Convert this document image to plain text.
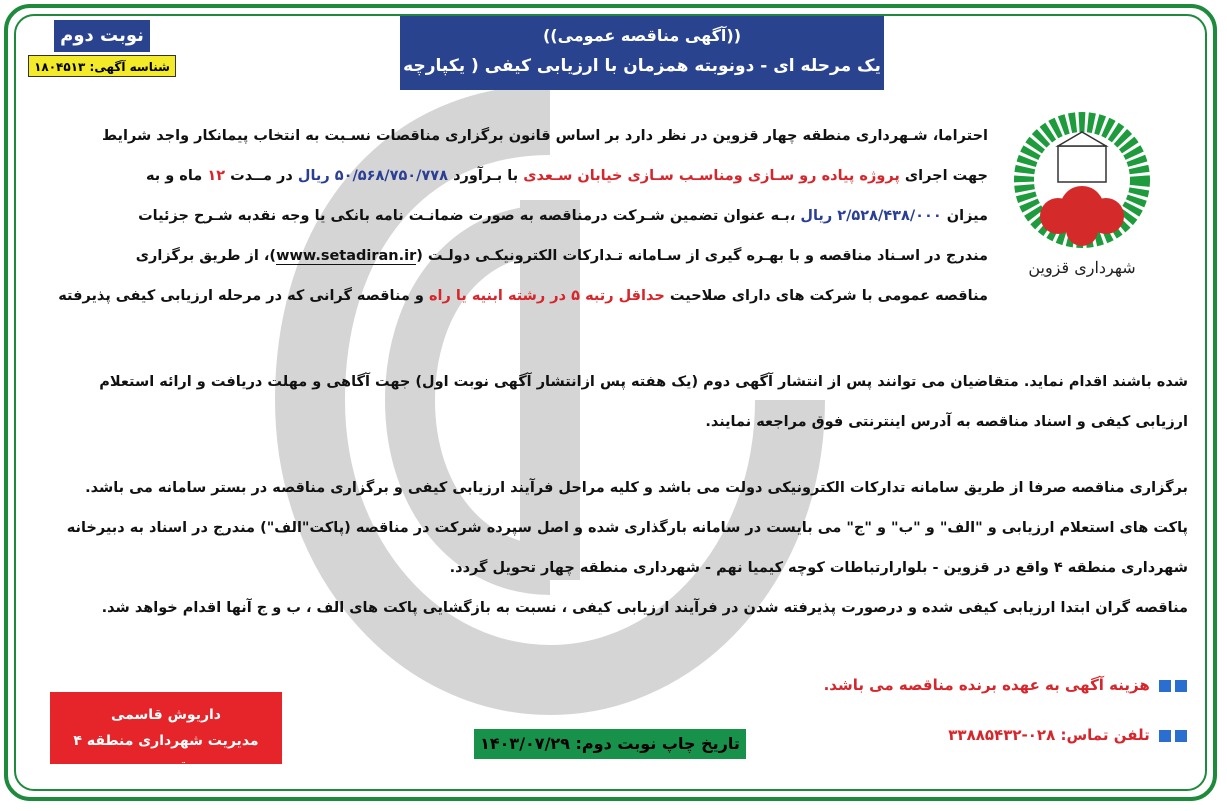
((آگهی مناقصه عمومی))
یک مرحله ای - دونوبته همزمان با ارزیابی کیفی ( یکپارچه )
نوبت دوم
شناسه آگهی: ۱۸۰۴۵۱۳
شهرداری قزوین
احتراما، شـهرداری منطقه چهار قزوین در نظر دارد بر اساس قانون برگزاری مناقصات نسـبت به انتخاب پیمانکار واجد شرایط
جهت اجرای پروژه پیاده رو سـازی ومناسـب سـازی خیابان سـعدی با بـرآورد ۵۰/۵۶۸/۷۵۰/۷۷۸ ریال در مــدت ۱۲ ماه و به
میزان ۲/۵۲۸/۴۳۸/۰۰۰ ریال ،بـه عنوان تضمین شـرکت درمناقصه به صورت ضمانـت نامه بانکی یا وجه نقدبه شـرح جزئیات
مندرج در اسـناد مناقصه و با بهـره گیری از سـامانه تـدارکات الکترونیکـی دولـت (www.setadiran.ir)، از طریق برگزاری
مناقصه عمومی با شرکت های دارای صلاحیت حداقل رتبه ۵ در رشته ابنیه یا راه و مناقصه گرانی که در مرحله ارزیابی کیفی پذیرفته
شده باشند اقدام نماید. متقاضیان می توانند پس از انتشار آگهی دوم (یک هفته پس ازانتشار آگهی نوبت اول) جهت آگاهی و مهلت دریافت و ارائه استعلام
ارزیابی کیفی و اسناد مناقصه به آدرس اینترنتی فوق مراجعه نمایند.
برگزاری مناقصه صرفا از طریق سامانه تدارکات الکترونیکی دولت می باشد و کلیه مراحل فرآیند ارزیابی کیفی و برگزاری مناقصه در بستر سامانه می باشد.
پاکت های استعلام ارزیابی و "الف" و "ب" و "ج" می بایست در سامانه بارگذاری شده و اصل سپرده شرکت در مناقصه (پاکت"الف") مندرج در اسناد به دبیرخانه
شهرداری منطقه ۴ واقع در قزوین - بلوارارتباطات کوچه کیمیا نهم - شهرداری منطقه چهار تحویل گردد.
مناقصه گران ابتدا ارزیابی کیفی شده و درصورت پذیرفته شدن در فرآیند ارزیابی کیفی ، نسبت به بازگشایی پاکت های الف ، ب و ج آنها اقدام خواهد شد.
هزینه آگهی به عهده برنده مناقصه می باشد.
تلفن تماس: ۰۲۸-۳۳۸۸۵۴۳۲
داریوش قاسمی
مدیریت شهرداری منطقه ۴ قزوین
تاریخ چاپ نوبت دوم: ۱۴۰۳/۰۷/۲۹
